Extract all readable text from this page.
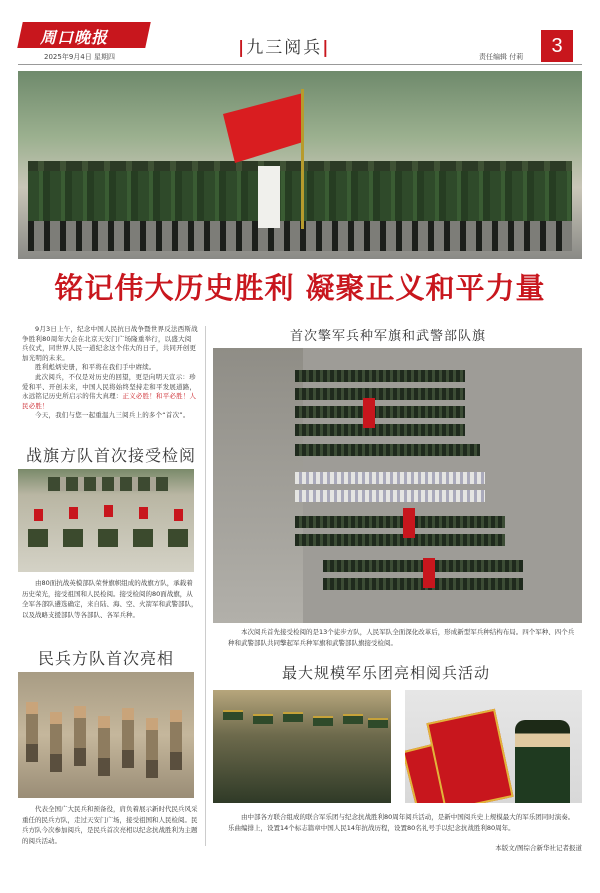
周口晚报
2025年9月4日 星期四	|九三阅兵|	责任编辑 付莉	3
铭记伟大历史胜利 凝聚正义和平力量

9月3日上午，纪念中国人民抗日战争暨世界反法西斯战争胜利80周年大会在北京天安门广场隆重举行，以盛大阅兵仪式，同世界人民一道纪念这个伟大的日子，共同开创更加光明的未来。

胜利彪炳史册，和平将在我们手中赓续。

此次阅兵，不仅是对历史的回望，更是向明天宣示：珍爱和平、开创未来，中国人民将始终坚持走和平发展道路，永远铭记历史所启示的伟大真理：正义必胜！和平必胜！人民必胜！

今天，我们与您一起重温九三阅兵上的多个“首次”。

战旗方队首次接受检阅
由80面抗战英模部队荣誉旗帜组成的战旗方队，承载着历史荣光，接受祖国和人民检阅。接受检阅的80面战旗，从全军各部队遴选确定，来自陆、海、空、火箭军和武警部队，以及战略支援部队等各部队、各军兵种。
民兵方队首次亮相
代表全国广大民兵和预备役，肩负着展示新时代民兵风采重任的民兵方队，走过天安门广场，接受祖国和人民检阅。民兵方队今次参加阅兵，是民兵首次亮相以纪念抗战胜利为主题的阅兵活动。
首次擎军兵种军旗和武警部队旗
本次阅兵首先接受检阅的是13个徒步方队，人民军队全面深化改革后，形成新型军兵种结构布局。四个军种、四个兵种和武警部队共同擎起军兵种军旗和武警部队旗接受检阅。
最大规模军乐团亮相阅兵活动
由中部各方联合组成的联合军乐团与纪念抗战胜利80周年阅兵活动，是新中国阅兵史上规模最大的军乐团同时演奏。乐曲编排上，设置14个标志篇章中国人民14年抗战历程，设置80名礼号手以纪念抗战胜利80周年。
本版文/图综合新华社记者报道
